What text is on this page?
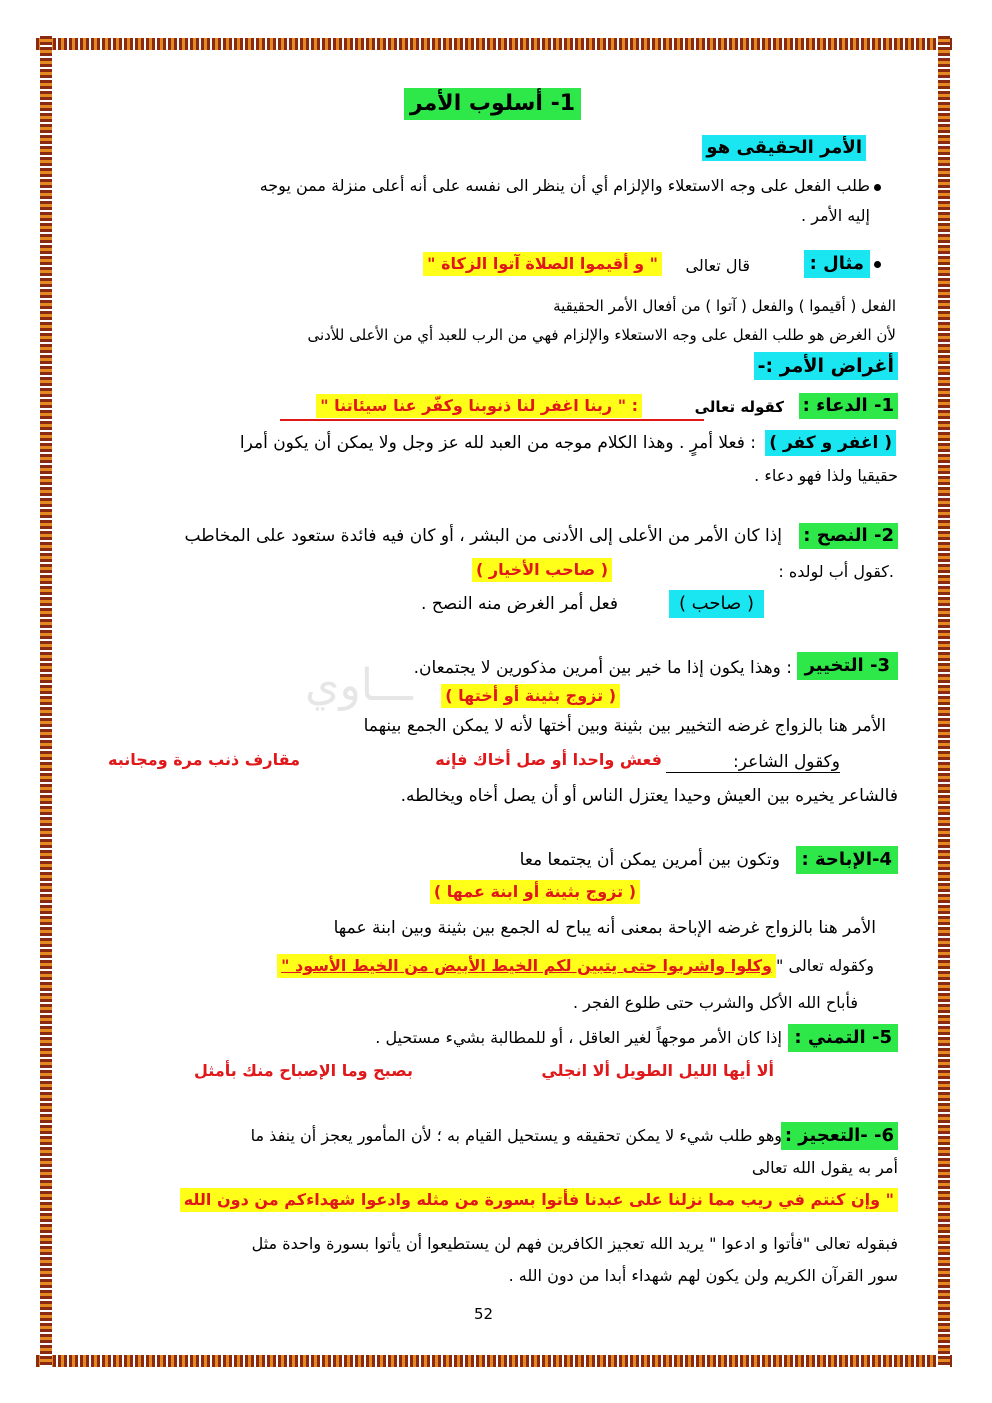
ـــاوي
1- أسلوب الأمر
الأمر الحقيقى هو
طلب الفعل على وجه الاستعلاء والإلزام أي أن ينظر الى نفسه على أنه أعلى منزلة ممن يوجه
إليه الأمر .
مثال :
قال تعالى
" و أقيموا الصلاة آتوا الزكاة "
الفعل ( أقيموا ) والفعل ( آتوا ) من أفعال الأمر الحقيقية
لأن الغرض هو طلب الفعل على وجه الاستعلاء والإلزام فهي من الرب للعبد أي من الأعلى للأدنى
أغراض الأمر :-
1- الدعاء :
كقوله تعالى
: " ربنا اغفر لنا ذنوبنا وكفّر عنا سيئاتنا "
( اغفر و كفر )
: فعلا أمرٍ . وهذا الكلام موجه من العبد لله عز وجل ولا يمكن أن يكون أمرا
حقيقيا ولذا فهو دعاء .
2- النصح :
إذا كان الأمر من الأعلى إلى الأدنى من البشر ، أو كان فيه فائدة ستعود على المخاطب
.كقول أب لولده :
( صاحب الأخيار )
( صاحب )
فعل أمر الغرض منه النصح .
3- التخيير
: وهذا يكون إذا ما خير بين أمرين مذكورين لا يجتمعان.
( تزوج بثينة أو أختها )
الأمر هنا بالزواج غرضه التخيير بين بثينة وبين أختها لأنه لا يمكن الجمع بينهما
وكقول الشاعر:
مقارف ذنب مرة ومجانبه	فعش واحدا أو صل أخاك فإنه
فالشاعر يخيره بين العيش وحيدا يعتزل الناس أو أن يصل أخاه ويخالطه.
4-الإباحة :
وتكون بين أمرين يمكن أن يجتمعا معا
( تزوج بثينة أو ابنة عمها )
الأمر هنا بالزواج غرضه الإباحة بمعنى أنه يباح له الجمع بين بثينة وبين ابنة عمها
وكقوله تعالى "
وكلوا واشربوا حتى يتبين لكم الخيط الأبيض من الخيط الأسود "
فأباح الله الأكل والشرب حتى طلوع الفجر .
5- التمني :
إذا كان الأمر موجهاً لغير العاقل ، أو للمطالبة بشيء مستحيل .
بصبح وما الإصباح منك بأمثل	ألا أيها الليل الطويل ألا انجلي
6- -التعجيز :
وهو طلب شيء لا يمكن تحقيقه و يستحيل القيام به ؛ لأن المأمور يعجز أن ينفذ ما
أمر به يقول الله تعالى
" وإن كنتم في ريب مما نزلنا على عبدنا فأتوا بسورة من مثله وادعوا شهداءكم من دون الله
فبقوله تعالى "فأتوا و ادعوا " يريد الله تعجيز الكافرين فهم لن يستطيعوا أن يأتوا بسورة واحدة مثل
سور القرآن الكريم ولن يكون لهم شهداء أبدا من دون الله .
52
